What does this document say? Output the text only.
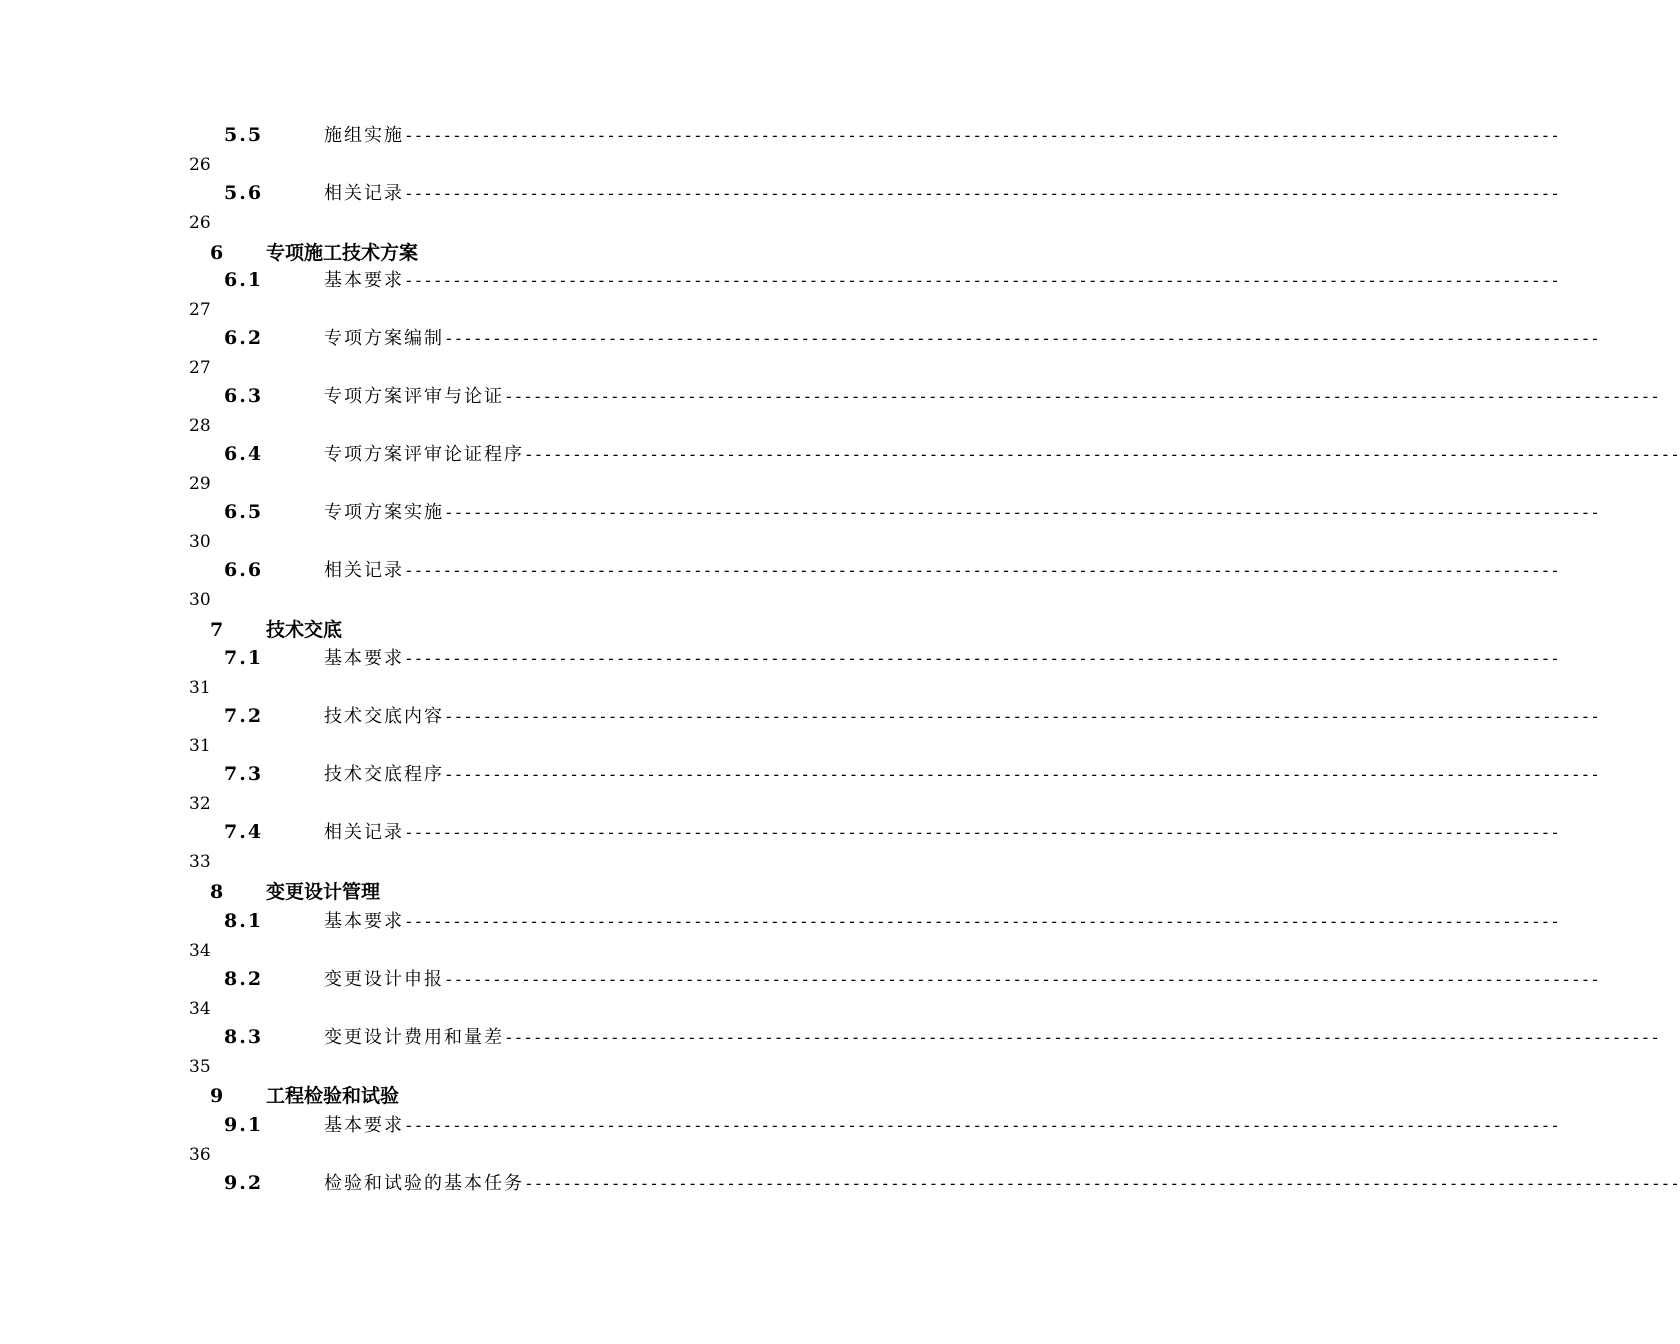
5.5	施组实施 ------------------------------------------------------------------------------------------------------------------------
26
5.6	相关记录 ------------------------------------------------------------------------------------------------------------------------
26
6 专项施工技术方案
6.1	基本要求 ------------------------------------------------------------------------------------------------------------------------
27
6.2	专项方案编制 ------------------------------------------------------------------------------------------------------------------------
27
6.3	专项方案评审与论证 ------------------------------------------------------------------------------------------------------------------------
28
6.4	专项方案评审论证程序 ------------------------------------------------------------------------------------------------------------------------
29
6.5	专项方案实施 ------------------------------------------------------------------------------------------------------------------------
30
6.6	相关记录 ------------------------------------------------------------------------------------------------------------------------
30
7 技术交底
7.1	基本要求 ------------------------------------------------------------------------------------------------------------------------
31
7.2	技术交底内容 ------------------------------------------------------------------------------------------------------------------------
31
7.3	技术交底程序 ------------------------------------------------------------------------------------------------------------------------
32
7.4	相关记录 ------------------------------------------------------------------------------------------------------------------------
33
8 变更设计管理
8.1	基本要求 ------------------------------------------------------------------------------------------------------------------------
34
8.2	变更设计申报 ------------------------------------------------------------------------------------------------------------------------
34
8.3	变更设计费用和量差 ------------------------------------------------------------------------------------------------------------------------
35
9 工程检验和试验
9.1	基本要求 ------------------------------------------------------------------------------------------------------------------------
36
9.2	检验和试验的基本任务 ------------------------------------------------------------------------------------------------------------------------
